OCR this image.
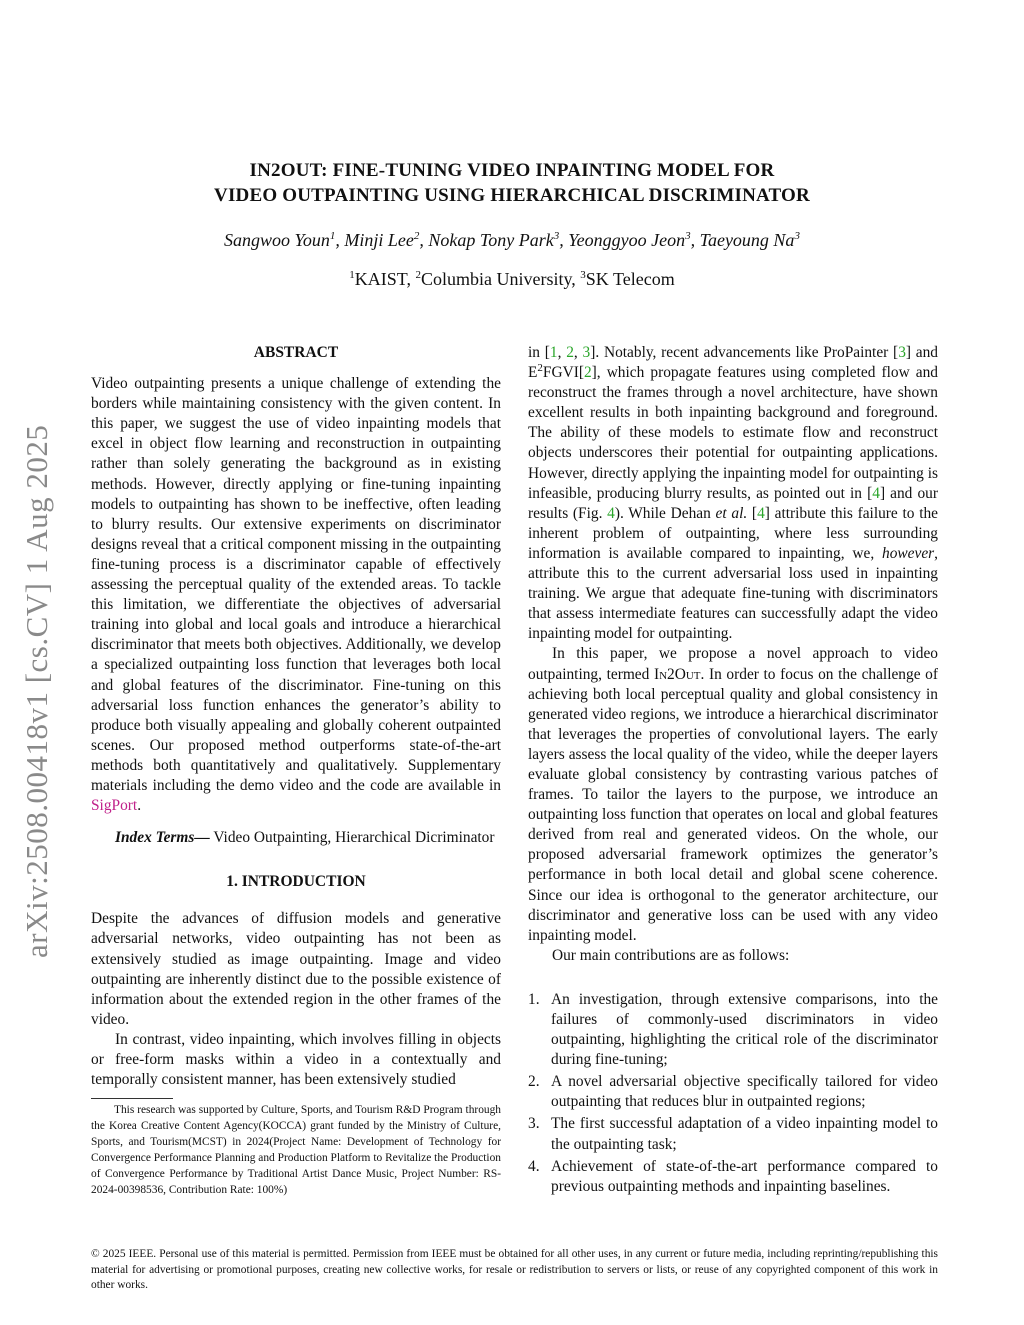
arXiv:2508.00418v1 [cs.CV] 1 Aug 2025
IN2OUT: FINE-TUNING VIDEO INPAINTING MODEL FOR
VIDEO OUTPAINTING USING HIERARCHICAL DISCRIMINATOR
Sangwoo Youn$^1$, Minji Lee$^2$, Nokap Tony Park$^3$, Yeonggyoo Jeon$^3$, Taeyoung Na$^3$
$^1$KAIST, $^2$Columbia University, $^3$SK Telecom
ABSTRACT

Video outpainting presents a unique challenge of extending the borders while maintaining consistency with the given content. In this paper, we suggest the use of video inpainting models that excel in object flow learning and reconstruction in outpainting rather than solely generating the background as in existing methods. However, directly applying or fine-tuning inpainting models to outpainting has shown to be ineffective, often leading to blurry results. Our extensive experiments on discriminator designs reveal that a critical component missing in the outpainting fine-tuning process is a discriminator capable of effectively assessing the perceptual quality of the extended areas. To tackle this limitation, we differentiate the objectives of adversarial training into global and local goals and introduce a hierarchical discriminator that meets both objectives. Additionally, we develop a specialized outpainting loss function that leverages both local and global features of the discriminator. Fine-tuning on this adversarial loss function enhances the generator’s ability to produce both visually appealing and globally coherent outpainted scenes. Our proposed method outperforms state-of-the-art methods both quantitatively and qualitatively. Supplementary materials including the demo video and the code are available in SigPort.

Index Terms— Video Outpainting, Hierarchical Dicriminator

1. INTRODUCTION

Despite the advances of diffusion models and generative adversarial networks, video outpainting has not been as extensively studied as image outpainting. Image and video outpainting are inherently distinct due to the possible existence of information about the extended region in the other frames of the video.

In contrast, video inpainting, which involves filling in objects or free-form masks within a video in a contextually and temporally consistent manner, has been extensively studied

in [1, 2, 3]. Notably, recent advancements like ProPainter [3] and $E^2FGVI[2]$, which propagate features using completed flow and reconstruct the frames through a novel architecture, have shown excellent results in both inpainting background and foreground. The ability of these models to estimate flow and reconstruct objects underscores their potential for outpainting applications. However, directly applying the inpainting model for outpainting is infeasible, producing blurry results, as pointed out in [4] and our results (Fig. 4). While Dehan et al. [4] attribute this failure to the inherent problem of outpainting, where less surrounding information is available compared to inpainting, we, however, attribute this to the current adversarial loss used in inpainting training. We argue that adequate fine-tuning with discriminators that assess intermediate features can successfully adapt the video inpainting model for outpainting.

In this paper, we propose a novel approach to video outpainting, termed In2Out. In order to focus on the challenge of achieving both local perceptual quality and global consistency in generated video regions, we introduce a hierarchical discriminator that leverages the properties of convolutional layers. The early layers assess the local quality of the video, while the deeper layers evaluate global consistency by contrasting various patches of frames. To tailor the layers to the purpose, we introduce an outpainting loss function that operates on local and global features derived from real and generated videos. On the whole, our proposed adversarial framework optimizes the generator’s performance in both local detail and global scene coherence. Since our idea is orthogonal to the generator architecture, our discriminator and generative loss can be used with any video inpainting model.

Our main contributions are as follows:

1. An investigation, through extensive comparisons, into the failures of commonly-used discriminators in video outpainting, highlighting the critical role of the discriminator during fine-tuning;
2. A novel adversarial objective specifically tailored for video outpainting that reduces blur in outpainted regions;
3. The first successful adaptation of a video inpainting model to the outpainting task;
4. Achievement of state-of-the-art performance compared to previous outpainting methods and inpainting baselines.

This research was supported by Culture, Sports, and Tourism R&D Program through the Korea Creative Content Agency(KOCCA) grant funded by the Ministry of Culture, Sports, and Tourism(MCST) in 2024(Project Name: Development of Technology for Convergence Performance Planning and Production Platform to Revitalize the Production of Convergence Performance by Traditional Artist Dance Music, Project Number: RS-2024-00398536, Contribution Rate: 100%)

© 2025 IEEE. Personal use of this material is permitted. Permission from IEEE must be obtained for all other uses, in any current or future media, including reprinting/republishing this material for advertising or promotional purposes, creating new collective works, for resale or redistribution to servers or lists, or reuse of any copyrighted component of this work in other works.
